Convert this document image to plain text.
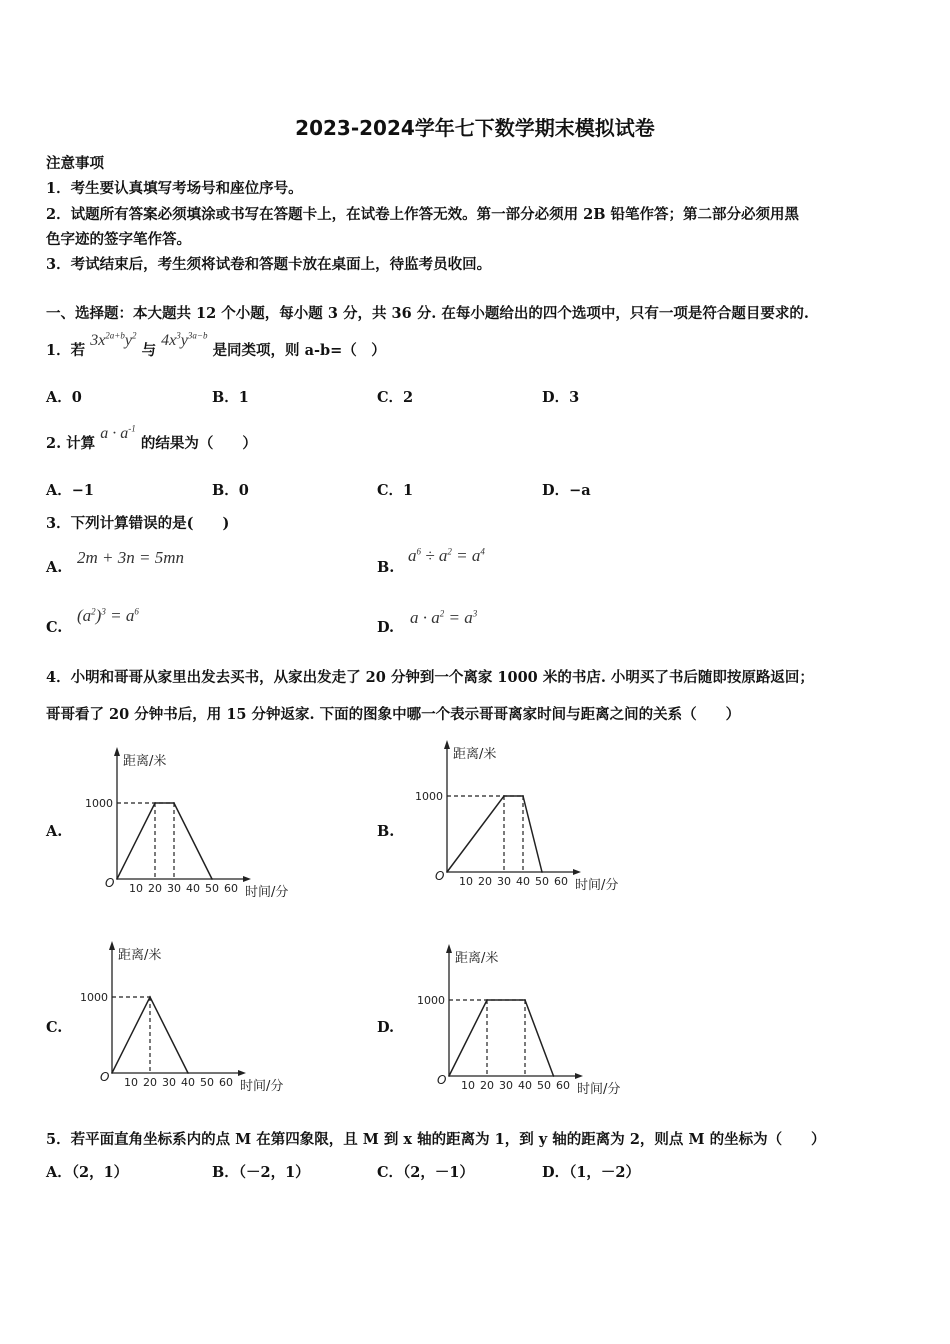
2023-2024学年七下数学期末模拟试卷
注意事项
1．考生要认真填写考场号和座位序号。
2．试题所有答案必须填涂或书写在答题卡上，在试卷上作答无效。第一部分必须用 2B 铅笔作答；第二部分必须用黑
色字迹的签字笔作答。
3．考试结束后，考生须将试卷和答题卡放在桌面上，待监考员收回。
一、选择题：本大题共 12 个小题，每小题 3 分，共 36 分. 在每小题给出的四个选项中，只有一项是符合题目要求的.
1．若 $3x^{2a+b}y^2$ 与 $4x^3y^{3a-b}$ 是同类项，则 a-b=（　）
A．0	B．1	C．2	D．3
2. 计算 $a \cdot a^{-1}$ 的结果为（　　）
A．−1	B．0	C．1	D．−a
3．下列计算错误的是(　　)
A.
2m + 3n = 5mn
B.
$a^6 \div a^2 = a^4$
C.
$(a^2)^3 = a^6$
D.
$a \cdot a^2 = a^3$
4．小明和哥哥从家里出发去买书，从家出发走了 20 分钟到一个离家 1000 米的书店. 小明买了书后随即按原路返回；
哥哥看了 20 分钟书后，用 15 分钟返家. 下面的图象中哪一个表示哥哥离家时间与距离之间的关系（　　）
A.	B.
C.	D.
距离/米
时间/分
O
1000
10 20 30 40 50 60
距离/米
时间/分
O
1000
10 20 30 40 50 60
距离/米
时间/分
O
1000
10 20 30 40 50 60
距离/米
时间/分
O
1000
10 20 30 40 50 60
5．若平面直角坐标系内的点 M 在第四象限，且 M 到 x 轴的距离为 1，到 y 轴的距离为 2，则点 M 的坐标为（　　）
A．（2，1）	B．（－2，1）	C．（2，－1）	D．（1，－2）
